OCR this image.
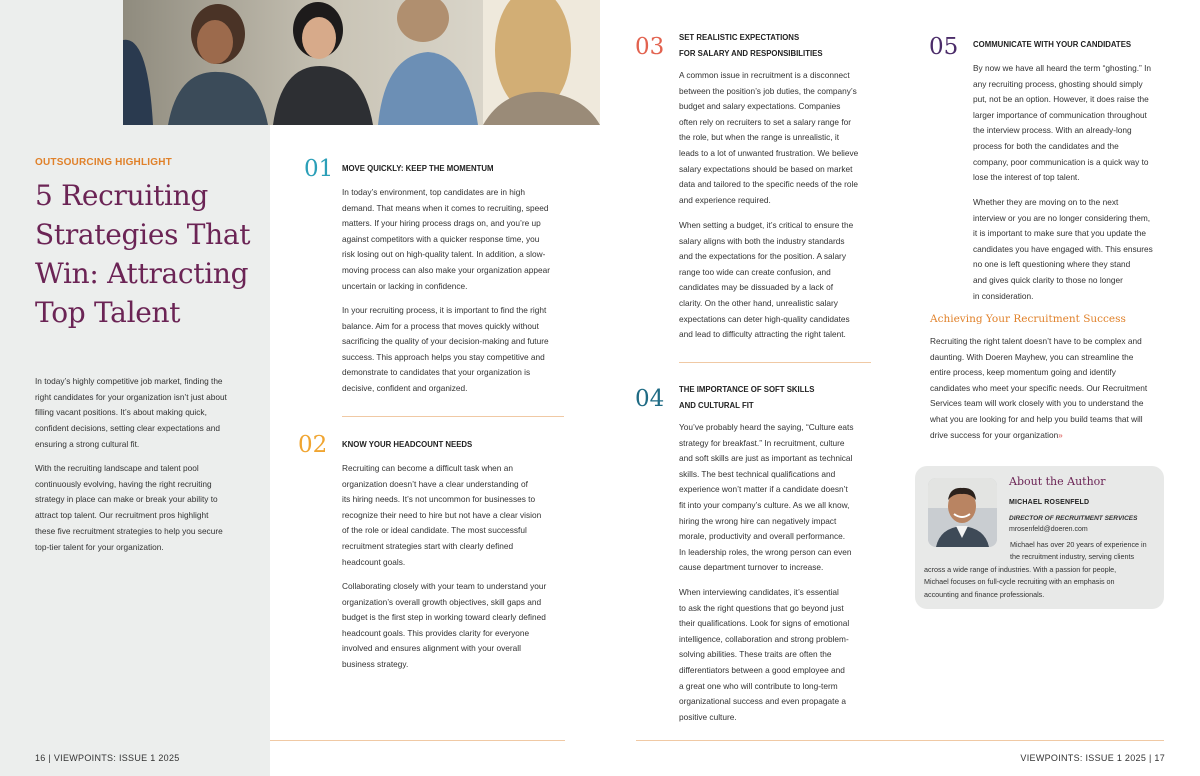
OUTSOURCING HIGHLIGHT
5 Recruiting
Strategies That
Win: Attracting
Top Talent
In today’s highly competitive job market, finding the
right candidates for your organization isn’t just about
filling vacant positions. It’s about making quick,
confident decisions, setting clear expectations and
ensuring a strong cultural fit.
With the recruiting landscape and talent pool
continuously evolving, having the right recruiting
strategy in place can make or break your ability to
attract top talent. Our recruitment pros highlight
these five recruitment strategies to help you secure
top-tier talent for your organization.
01 MOVE QUICKLY: KEEP THE MOMENTUM
In today’s environment, top candidates are in high
demand. That means when it comes to recruiting, speed
matters. If your hiring process drags on, and you’re up
against competitors with a quicker response time, you
risk losing out on high-quality talent. In addition, a slow-
moving process can also make your organization appear
uncertain or lacking in confidence.
In your recruiting process, it is important to find the right
balance. Aim for a process that moves quickly without
sacrificing the quality of your decision-making and future
success. This approach helps you stay competitive and
demonstrate to candidates that your organization is
decisive, confident and organized.
02 KNOW YOUR HEADCOUNT NEEDS
Recruiting can become a difficult task when an
organization doesn’t have a clear understanding of
its hiring needs. It’s not uncommon for businesses to
recognize their need to hire but not have a clear vision
of the role or ideal candidate. The most successful
recruitment strategies start with clearly defined
headcount goals.
Collaborating closely with your team to understand your
organization’s overall growth objectives, skill gaps and
budget is the first step in working toward clearly defined
headcount goals. This provides clarity for everyone
involved and ensures alignment with your overall
business strategy.
16 | VIEWPOINTS: ISSUE 1 2025
03 SET REALISTIC EXPECTATIONS
FOR SALARY AND RESPONSIBILITIES
A common issue in recruitment is a disconnect
between the position’s job duties, the company’s
budget and salary expectations. Companies
often rely on recruiters to set a salary range for
the role, but when the range is unrealistic, it
leads to a lot of unwanted frustration. We believe
salary expectations should be based on market
data and tailored to the specific needs of the role
and experience required.
When setting a budget, it’s critical to ensure the
salary aligns with both the industry standards
and the expectations for the position. A salary
range too wide can create confusion, and
candidates may be dissuaded by a lack of
clarity. On the other hand, unrealistic salary
expectations can deter high-quality candidates
and lead to difficulty attracting the right talent.
04 THE IMPORTANCE OF SOFT SKILLS
AND CULTURAL FIT
You’ve probably heard the saying, “Culture eats
strategy for breakfast.” In recruitment, culture
and soft skills are just as important as technical
skills. The best technical qualifications and
experience won’t matter if a candidate doesn’t
fit into your company’s culture. As we all know,
hiring the wrong hire can negatively impact
morale, productivity and overall performance.
In leadership roles, the wrong person can even
cause department turnover to increase.
When interviewing candidates, it’s essential
to ask the right questions that go beyond just
their qualifications. Look for signs of emotional
intelligence, collaboration and strong problem-
solving abilities. These traits are often the
differentiators between a good employee and
a great one who will contribute to long-term
organizational success and even propagate a
positive culture.
05 COMMUNICATE WITH YOUR CANDIDATES
By now we have all heard the term “ghosting.” In
any recruiting process, ghosting should simply
put, not be an option. However, it does raise the
larger importance of communication throughout
the interview process. With an already-long
process for both the candidates and the
company, poor communication is a quick way to
lose the interest of top talent.
Whether they are moving on to the next
interview or you are no longer considering them,
it is important to make sure that you update the
candidates you have engaged with. This ensures
no one is left questioning where they stand
and gives quick clarity to those no longer
in consideration.
Achieving Your Recruitment Success
Recruiting the right talent doesn’t have to be complex and
daunting. With Doeren Mayhew, you can streamline the
entire process, keep momentum going and identify
candidates who meet your specific needs. Our Recruitment
Services team will work closely with you to understand the
what you are looking for and help you build teams that will
drive success for your organization»
About the Author
MICHAEL ROSENFELD
DIRECTOR OF RECRUITMENT SERVICES
mrosenfeld@doeren.com
Michael has over 20 years of experience in
the recruitment industry, serving clients
across a wide range of industries. With a passion for people,
Michael focuses on full-cycle recruiting with an emphasis on
accounting and finance professionals.
VIEWPOINTS: ISSUE 1 2025 | 17
